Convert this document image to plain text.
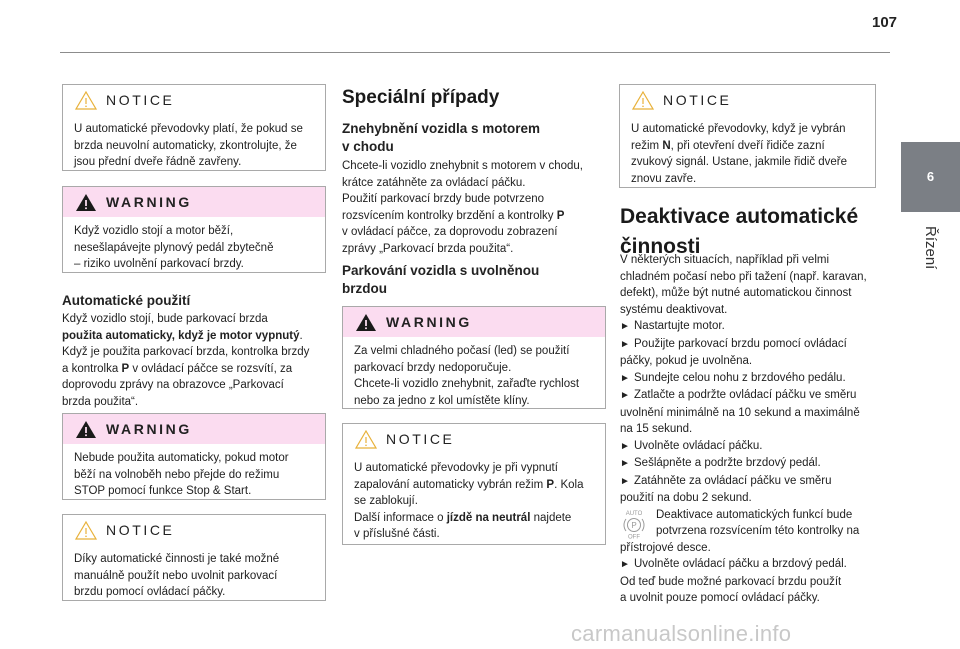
107
6
Řízení
NOTICE

U automatické převodovky platí, že pokud se

brzda neuvolní automaticky, zkontrolujte, že

jsou přední dveře řádně zavřeny.

WARNING

Když vozidlo stojí a motor běží,

nesešlapávejte plynový pedál zbytečně

– riziko uvolnění parkovací brzdy.

Automatické použití

Když vozidlo stojí, bude parkovací brzda

použita automaticky, když je motor vypnutý.

Když je použita parkovací brzda, kontrolka brzdy

a kontrolka P v ovládací páčce se rozsvítí, za

doprovodu zprávy na obrazovce „Parkovací

brzda použita“.

WARNING

Nebude použita automaticky, pokud motor

běží na volnoběh nebo přejde do režimu

STOP pomocí funkce Stop & Start.

NOTICE

Díky automatické činnosti je také možné

manuálně použít nebo uvolnit parkovací

brzdu pomocí ovládací páčky.

Speciální případy
Znehybnění vozidla s motorem
v chodu

Chcete-li vozidlo znehybnit s motorem v chodu,

krátce zatáhněte za ovládací páčku.

Použití parkovací brzdy bude potvrzeno

rozsvícením kontrolky brzdění a kontrolky P

v ovládací páčce, za doprovodu zobrazení

zprávy „Parkovací brzda použita“.

Parkování vozidla s uvolněnou
brzdou
WARNING

Za velmi chladného počasí (led) se použití

parkovací brzdy nedoporučuje.

Chcete-li vozidlo znehybnit, zařaďte rychlost

nebo za jedno z kol umístěte klíny.

NOTICE

U automatické převodovky je při vypnutí

zapalování automaticky vybrán režim P. Kola

se zablokují.

Další informace o jízdě na neutrál najdete

v příslušné části.

NOTICE

U automatické převodovky, když je vybrán

režim N, při otevření dveří řidiče zazní

zvukový signál. Ustane, jakmile řidič dveře

znovu zavře.

Deaktivace automatické
činnosti

V některých situacích, například při velmi

chladném počasí nebo při tažení (např. karavan,

defekt), může být nutné automatickou činnost

systému deaktivovat.

► Nastartujte motor.

► Použijte parkovací brzdu pomocí ovládací

páčky, pokud je uvolněna.

► Sundejte celou nohu z brzdového pedálu.

► Zatlačte a podržte ovládací páčku ve směru

uvolnění minimálně na 10 sekund a maximálně

na 15 sekund.

► Uvolněte ovládací páčku.

► Sešlápněte a podržte brzdový pedál.

► Zatáhněte za ovládací páčku ve směru

použití na dobu 2 sekund.

AUTO
P
OFF

Deaktivace automatických funkcí bude

potvrzena rozsvícením této kontrolky na

přístrojové desce.

► Uvolněte ovládací páčku a brzdový pedál.

Od teď bude možné parkovací brzdu použít

a uvolnit pouze pomocí ovládací páčky.

carmanualsonline.info
